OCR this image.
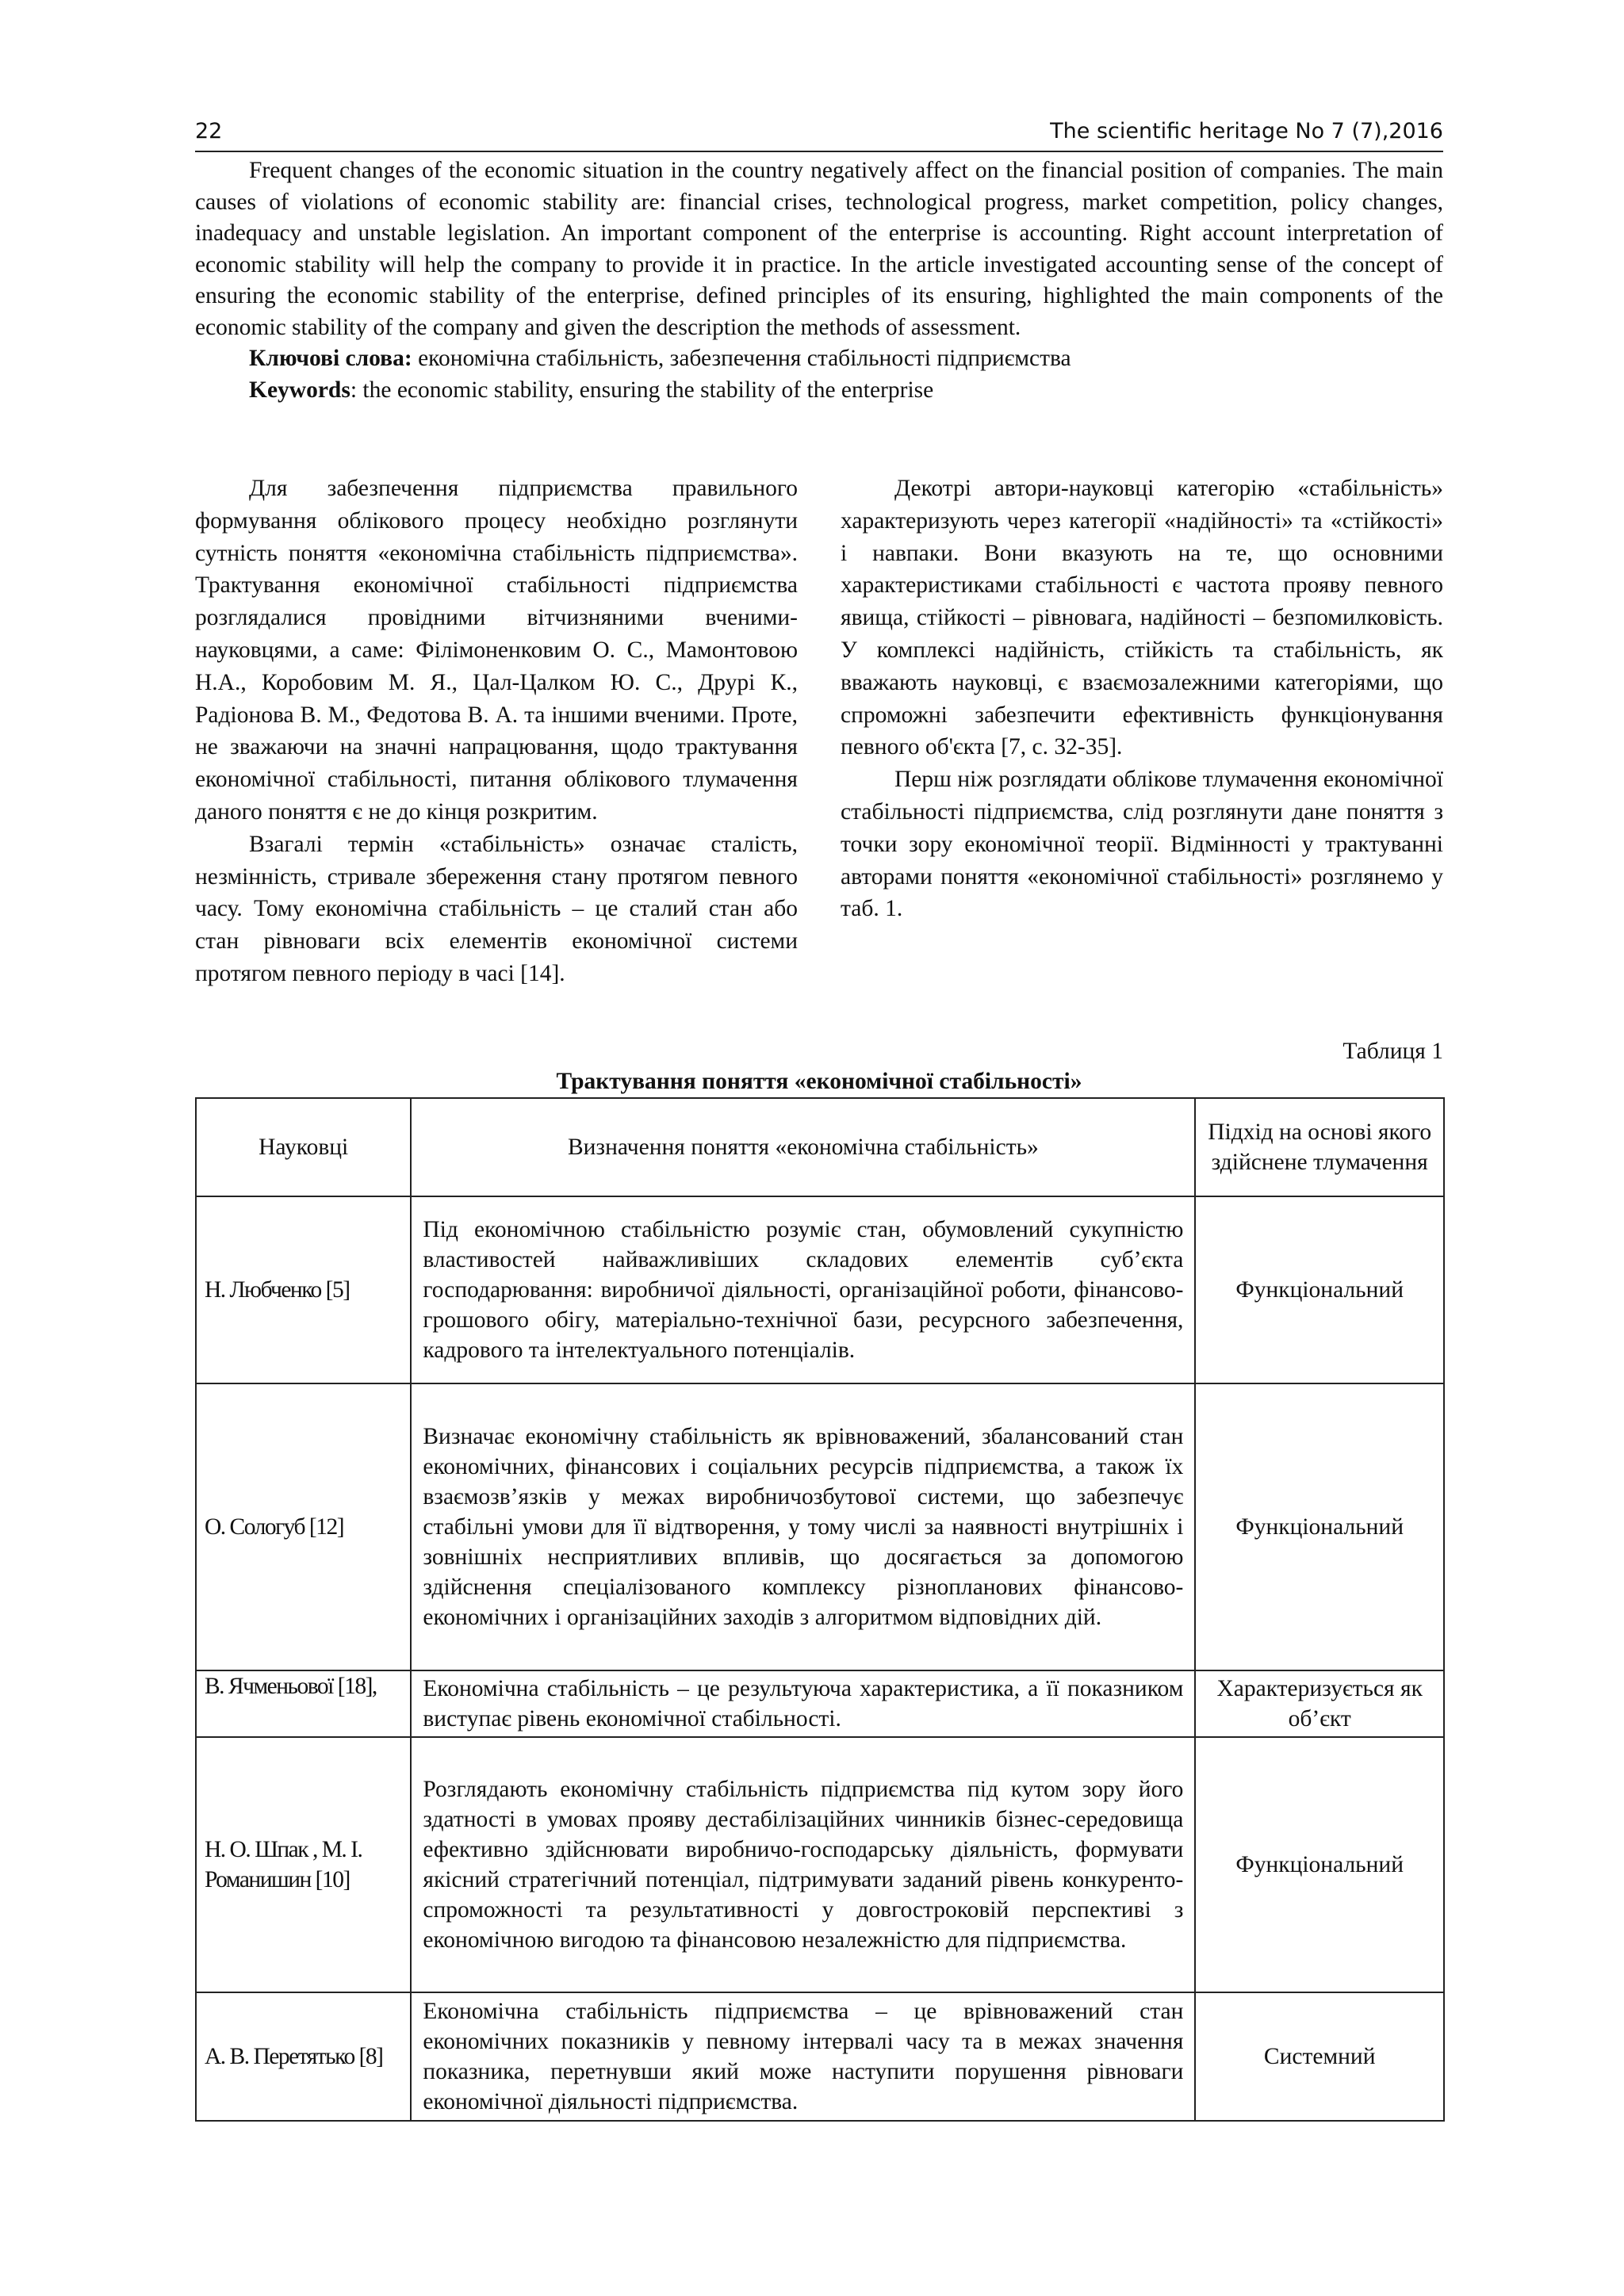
22	The scientific heritage No 7 (7),2016

Frequent changes of the economic situation in the country negatively affect on the financial position of companies. The main causes of violations of economic stability are: financial crises, technological progress, market competition, policy changes, inadequacy and unstable legislation. An important component of the enterprise is accounting. Right account interpretation of economic stability will help the company to provide it in practice. In the article investigated accounting sense of the concept of ensuring the economic stability of the enterprise, defined principles of its ensuring, highlighted the main components of the economic stability of the company and given the description the methods of assessment.

Ключові слова: економічна стабільність, забезпечення стабільності підприємства

Keywords: the economic stability, ensuring the stability of the enterprise

Для забезпечення підприємства правильного формування облікового процесу необхідно розглянути сутність поняття «економічна стабільність підприємства». Трактування економічної стабільності підприємства розглядалися провідними вітчизняними вченими-науковцями, а саме: Філімоненковим О. С., Мамонтовою Н.А., Коробовим М. Я., Цал-Цалком Ю. С., Друрі К., Радіонова В. М., Федотова В. А. та іншими вченими. Проте, не зважаючи на значні напрацювання, щодо трактування економічної стабільності, питання облікового тлумачення даного поняття є не до кінця розкритим.

Взагалі термін «стабільність» означає сталість, незмінність, стривале збереження стану протягом певного часу. Тому економічна стабільність – це сталий стан або стан рівноваги всіх елементів економічної системи протягом певного періоду в часі [14].

Декотрі автори-науковці категорію «стабільність» характеризують через категорії «надійності» та «стійкості» і навпаки. Вони вказують на те, що основними характеристиками стабільності є частота прояву певного явища, стійкості – рівновага, надійності – безпомилковість. У комплексі надійність, стійкість та стабільність, як вважають науковці, є взаємозалежними категоріями, що спроможні забезпечити ефективність функціонування певного об'єкта [7, с. 32-35].

Перш ніж розглядати облікове тлумачення економічної стабільності підприємства, слід розглянути дане поняття з точки зору економічної теорії. Відмінності у трактуванні авторами поняття «економічної стабільності» розглянемо у таб. 1.

Таблиця 1
Трактування поняття «економічної стабільності»
Науковці	Визначення поняття «економічна стабільність»	Підхід на основі якого здійснене тлумачення
Н. Любченко [5]	Під економічною стабільністю розуміє стан, обумовлений сукупністю властивостей найважливіших складових елементів суб’єкта господарювання: виробничої діяльності, організаційної роботи, фінансово-грошового обігу, матеріально-технічної бази, ресурсного забезпечення, кадрового та інтелектуального потенціалів.	Функціональний
О. Сологуб [12]	Визначає економічну стабільність як врівноважений, збалансований стан економічних, фінансових і соціальних ресурсів підприємства, а також їх взаємозв’язків у межах виробничозбутової системи, що забезпечує стабільні умови для її відтворення, у тому числі за наявності внутрішніх і зовнішніх несприятливих впливів, що досягається за допомогою здійснення спеціалізованого комплексу різнопланових фінансово-економічних і організаційних заходів з алгоритмом відповідних дій.	Функціональний
В. Ячменьової [18],	Економічна стабільність – це результуюча характеристика, а її показником виступає рівень економічної стабільності.	Характеризується як об’єкт
Н. О. Шпак , М. І. Романишин [10]	Розглядають економічну стабільність підприємства під кутом зору його здатності в умовах прояву дестабілізаційних чинників бізнес-середовища ефективно здійснювати виробничо-господарську діяльність, формувати якісний стратегічний потенціал, підтримувати заданий рівень конкуренто-спроможності та результативності у довгостроковій перспективі з економічною вигодою та фінансовою незалежністю для підприємства.	Функціональний
А. В. Перетятько [8]	Економічна стабільність підприємства – це врівноважений стан економічних показників у певному інтервалі часу та в межах значення показника, перетнувши який може наступити порушення рівноваги економічної діяльності підприємства.	Системний
